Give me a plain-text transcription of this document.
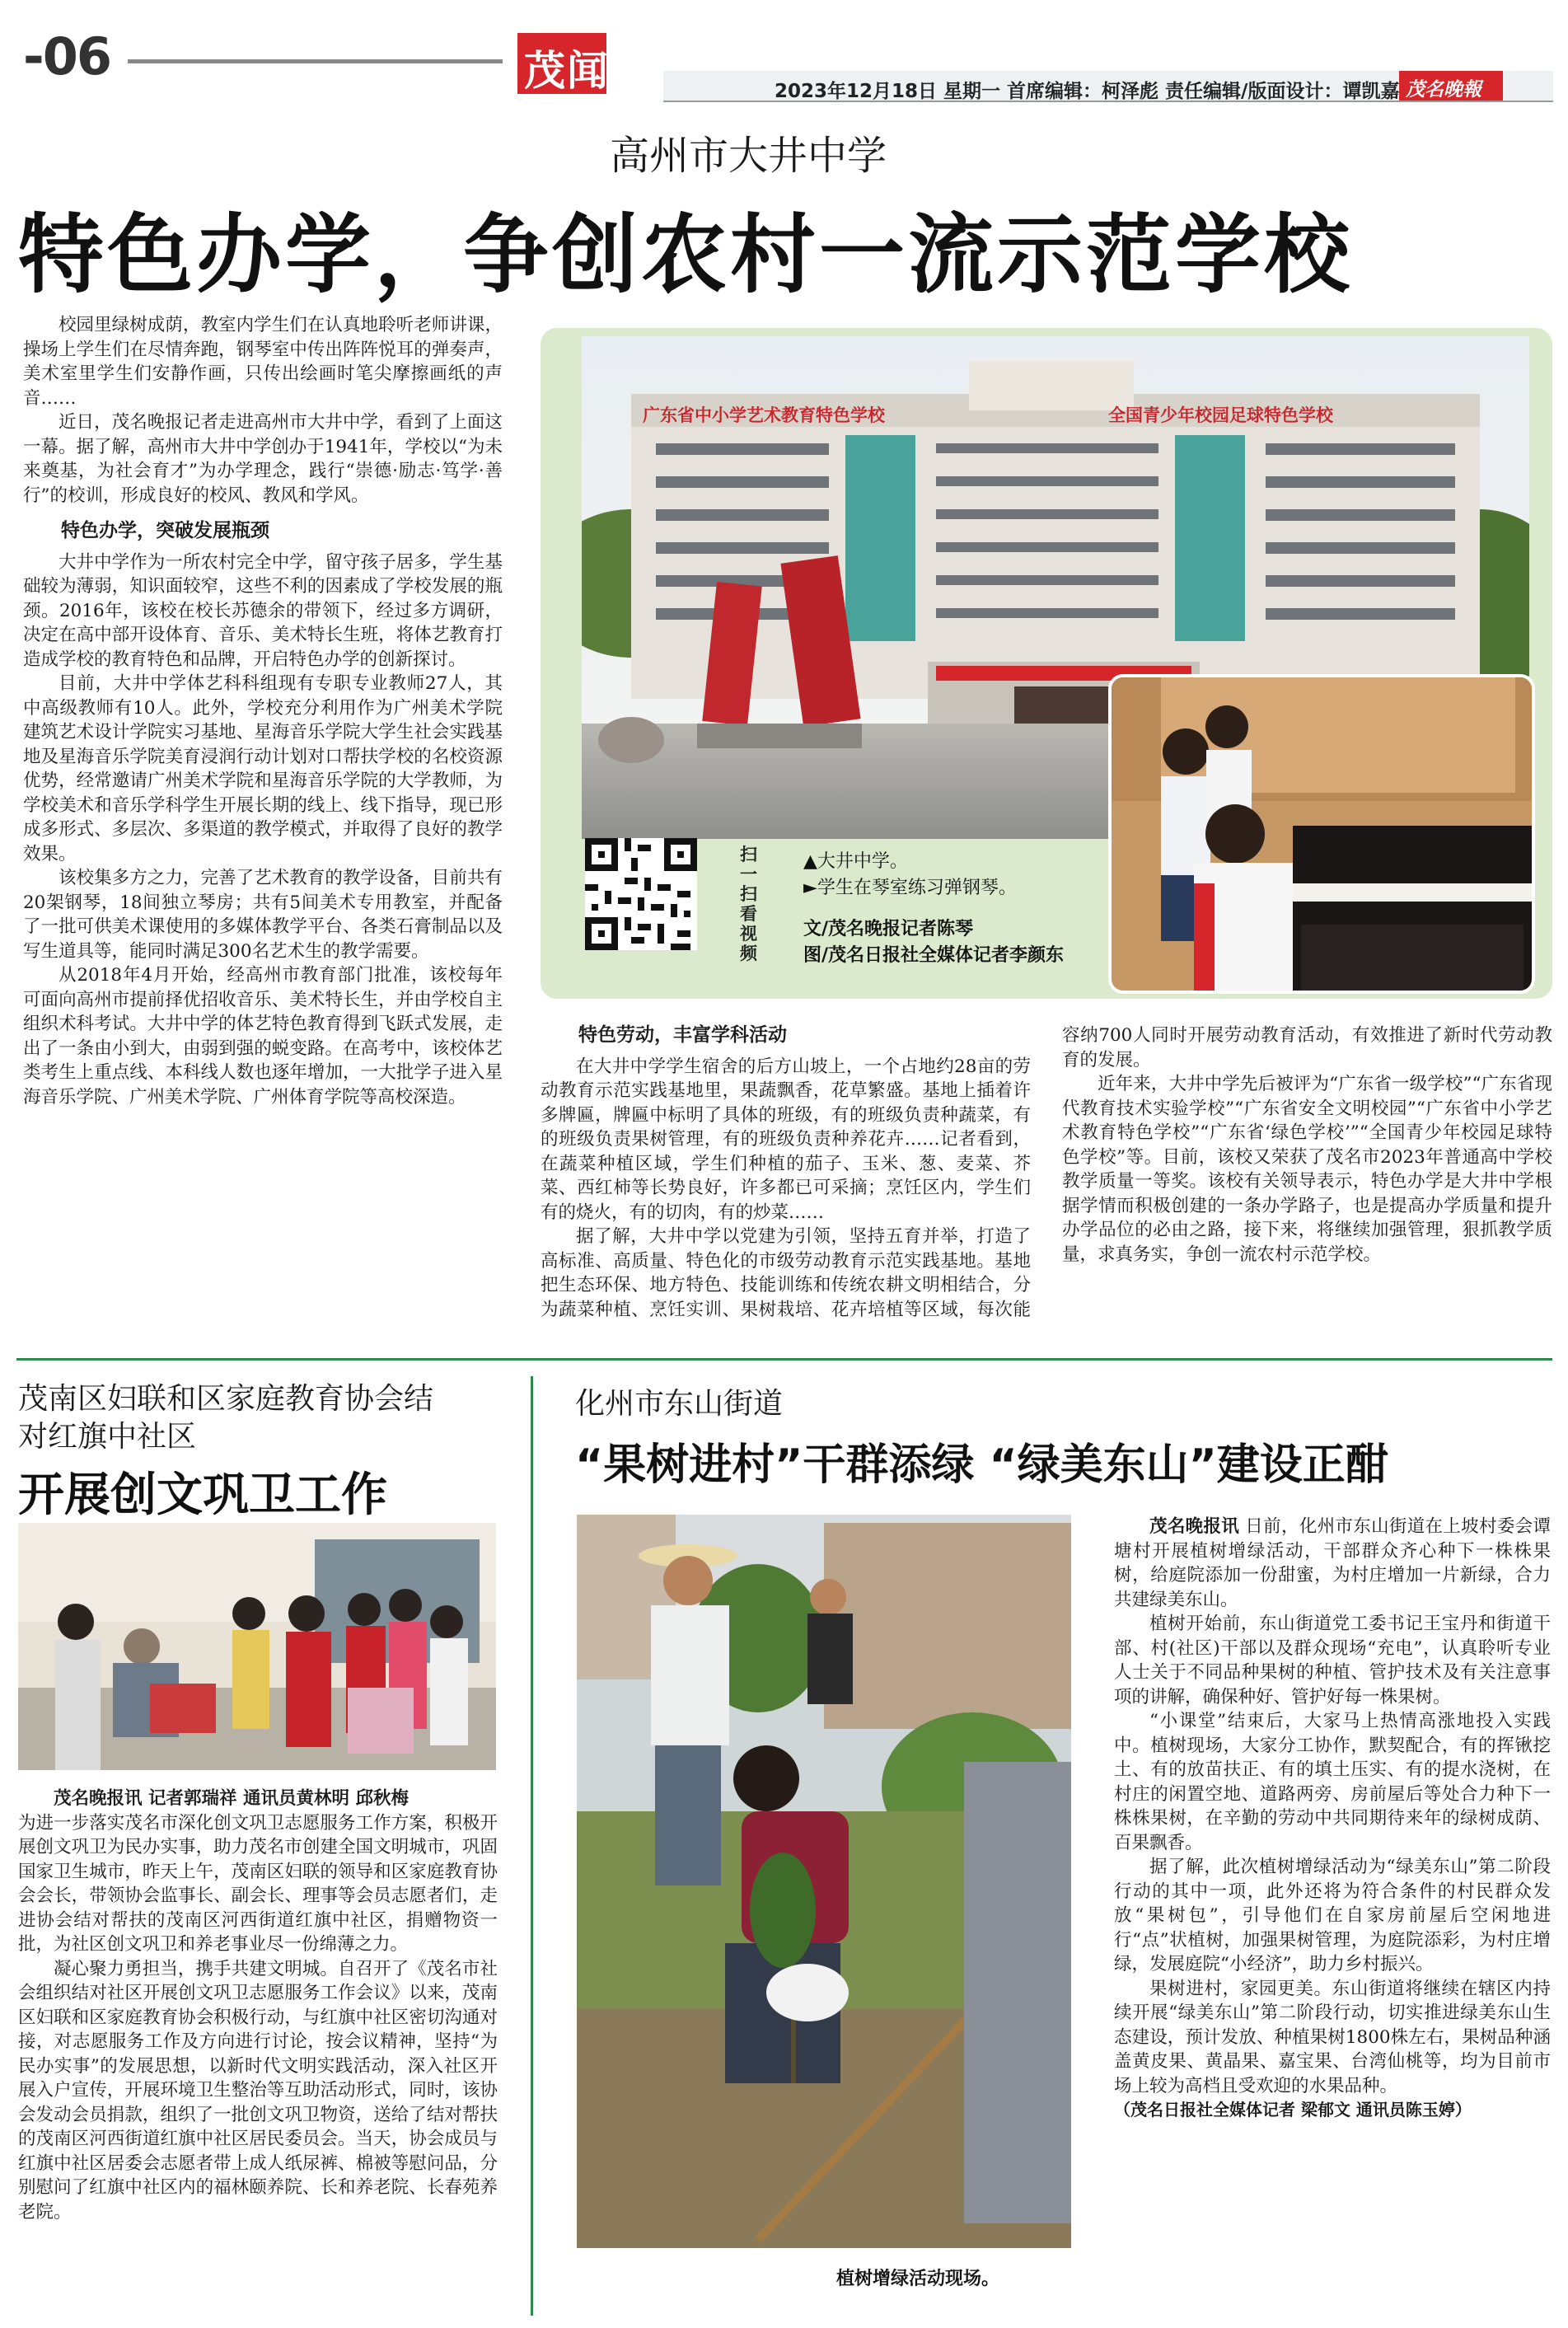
-06	茂闻	2023年12月18日 星期一 首席编辑：柯泽彪 责任编辑/版面设计：谭凯嘉 茂名晚報
高州市大井中学
特色办学，争创农村一流示范学校

校园里绿树成荫，教室内学生们在认真地聆听老师讲课，操场上学生们在尽情奔跑，钢琴室中传出阵阵悦耳的弹奏声，美术室里学生们安静作画，只传出绘画时笔尖摩擦画纸的声音……

近日，茂名晚报记者走进高州市大井中学，看到了上面这一幕。据了解，高州市大井中学创办于1941年，学校以“为未来奠基，为社会育才”为办学理念，践行“崇德·励志·笃学·善行”的校训，形成良好的校风、教风和学风。

特色办学，突破发展瓶颈

大井中学作为一所农村完全中学，留守孩子居多，学生基础较为薄弱，知识面较窄，这些不利的因素成了学校发展的瓶颈。2016年，该校在校长苏德余的带领下，经过多方调研，决定在高中部开设体育、音乐、美术特长生班，将体艺教育打造成学校的教育特色和品牌，开启特色办学的创新探讨。

目前，大井中学体艺科科组现有专职专业教师27人，其中高级教师有10人。此外，学校充分利用作为广州美术学院建筑艺术设计学院实习基地、星海音乐学院大学生社会实践基地及星海音乐学院美育浸润行动计划对口帮扶学校的名校资源优势，经常邀请广州美术学院和星海音乐学院的大学教师，为学校美术和音乐学科学生开展长期的线上、线下指导，现已形成多形式、多层次、多渠道的教学模式，并取得了良好的教学效果。

该校集多方之力，完善了艺术教育的教学设备，目前共有20架钢琴，18间独立琴房；共有5间美术专用教室，并配备了一批可供美术课使用的多媒体教学平台、各类石膏制品以及写生道具等，能同时满足300名艺术生的教学需要。

从2018年4月开始，经高州市教育部门批准，该校每年可面向高州市提前择优招收音乐、美术特长生，并由学校自主组织术科考试。大井中学的体艺特色教育得到飞跃式发展，走出了一条由小到大，由弱到强的蜕变路。在高考中，该校体艺类考生上重点线、本科线人数也逐年增加，一大批学子进入星海音乐学院、广州美术学院、广州体育学院等高校深造。

广东省中小学艺术教育特色学校	全国青少年校园足球特色学校
扫一扫看视频
▲大井中学。
►学生在琴室练习弹钢琴。
文/茂名晚报记者陈琴
图/茂名日报社全媒体记者李颜东
特色劳动，丰富学科活动

在大井中学学生宿舍的后方山坡上，一个占地约28亩的劳动教育示范实践基地里，果蔬飘香，花草繁盛。基地上插着许多牌匾，牌匾中标明了具体的班级，有的班级负责种蔬菜，有的班级负责果树管理，有的班级负责种养花卉……记者看到，在蔬菜种植区域，学生们种植的茄子、玉米、葱、麦菜、芥菜、西红柿等长势良好，许多都已可采摘；烹饪区内，学生们有的烧火，有的切肉，有的炒菜……

据了解，大井中学以党建为引领，坚持五育并举，打造了高标准、高质量、特色化的市级劳动教育示范实践基地。基地把生态环保、地方特色、技能训练和传统农耕文明相结合，分为蔬菜种植、烹饪实训、果树栽培、花卉培植等区域，每次能容纳700人同时开展劳动教育活动，有效推进了新时代劳动教育的发展。

近年来，大井中学先后被评为“广东省一级学校”“广东省现代教育技术实验学校”“广东省安全文明校园”“广东省中小学艺术教育特色学校”“广东省‘绿色学校’”“全国青少年校园足球特色学校”等。目前，该校又荣获了茂名市2023年普通高中学校教学质量一等奖。该校有关领导表示，特色办学是大井中学根据学情而积极创建的一条办学路子，也是提高办学质量和提升办学品位的必由之路，接下来，将继续加强管理，狠抓教学质量，求真务实，争创一流农村示范学校。

茂南区妇联和区家庭教育协会结对红旗中社区
开展创文巩卫工作

茂名晚报讯 记者郭瑞祥 通讯员黄林明 邱秋梅

为进一步落实茂名市深化创文巩卫志愿服务工作方案，积极开展创文巩卫为民办实事，助力茂名市创建全国文明城市，巩固国家卫生城市，昨天上午，茂南区妇联的领导和区家庭教育协会会长，带领协会监事长、副会长、理事等会员志愿者们，走进协会结对帮扶的茂南区河西街道红旗中社区，捐赠物资一批，为社区创文巩卫和养老事业尽一份绵薄之力。

凝心聚力勇担当，携手共建文明城。自召开了《茂名市社会组织结对社区开展创文巩卫志愿服务工作会议》以来，茂南区妇联和区家庭教育协会积极行动，与红旗中社区密切沟通对接，对志愿服务工作及方向进行讨论，按会议精神，坚持“为民办实事”的发展思想，以新时代文明实践活动，深入社区开展入户宣传，开展环境卫生整治等互助活动形式，同时，该协会发动会员捐款，组织了一批创文巩卫物资，送给了结对帮扶的茂南区河西街道红旗中社区居民委员会。当天，协会成员与红旗中社区居委会志愿者带上成人纸尿裤、棉被等慰问品，分别慰问了红旗中社区内的福林颐养院、长和养老院、长春苑养老院。

化州市东山街道
“果树进村”干群添绿 “绿美东山”建设正酣
植树增绿活动现场。

茂名晚报讯 日前，化州市东山街道在上坡村委会谭塘村开展植树增绿活动，干部群众齐心种下一株株果树，给庭院添加一份甜蜜，为村庄增加一片新绿，合力共建绿美东山。

植树开始前，东山街道党工委书记王宝丹和街道干部、村(社区)干部以及群众现场“充电”，认真聆听专业人士关于不同品种果树的种植、管护技术及有关注意事项的讲解，确保种好、管护好每一株果树。

“小课堂”结束后，大家马上热情高涨地投入实践中。植树现场，大家分工协作，默契配合，有的挥锹挖土、有的放苗扶正、有的填土压实、有的提水浇树，在村庄的闲置空地、道路两旁、房前屋后等处合力种下一株株果树，在辛勤的劳动中共同期待来年的绿树成荫、百果飘香。

据了解，此次植树增绿活动为“绿美东山”第二阶段行动的其中一项，此外还将为符合条件的村民群众发放“果树包”，引导他们在自家房前屋后空闲地进行“点”状植树，加强果树管理，为庭院添彩，为村庄增绿，发展庭院“小经济”，助力乡村振兴。

果树进村，家园更美。东山街道将继续在辖区内持续开展“绿美东山”第二阶段行动，切实推进绿美东山生态建设，预计发放、种植果树1800株左右，果树品种涵盖黄皮果、黄晶果、嘉宝果、台湾仙桃等，均为目前市场上较为高档且受欢迎的水果品种。

（茂名日报社全媒体记者 梁郁文 通讯员陈玉婷）
